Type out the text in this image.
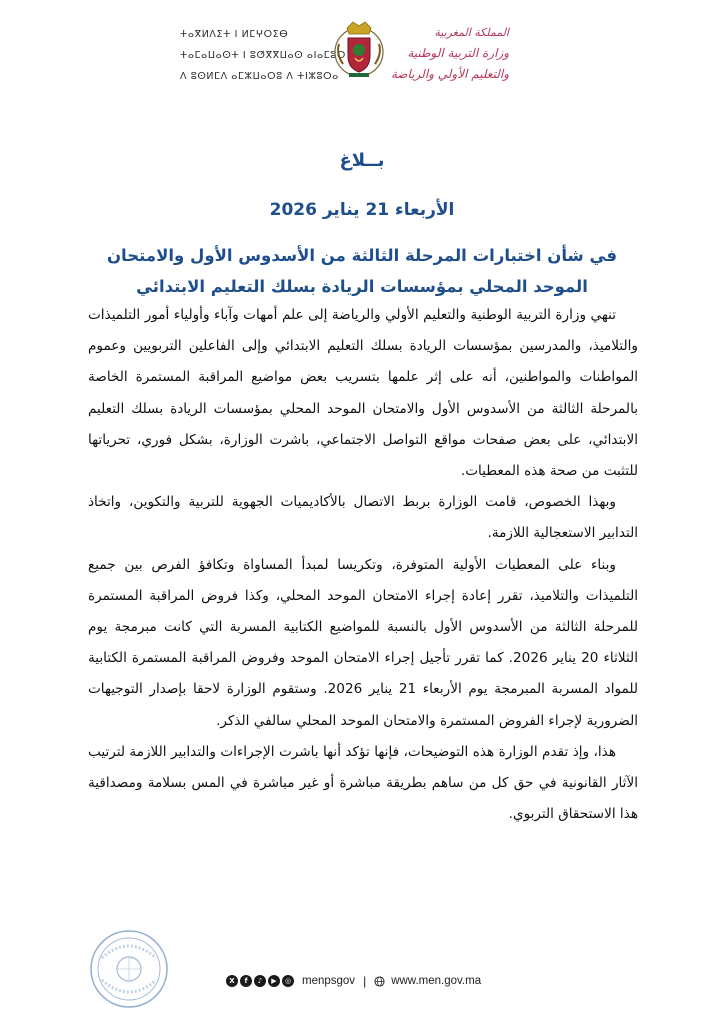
ⵜⴰⴳⵍⴷⵉⵜ ⵏ ⵍⵎⵖⵔⵉⴱ
ⵜⴰⵎⴰⵡⴰⵙⵜ ⵏ ⵓⵚⴳⴳⵡⴰⵙ ⴰⵏⴰⵎⵓⵔ
ⴷ ⵓⵙⵍⵎⴷ ⴰⵎⵣⵡⴰⵔⵓ ⴷ ⵜⵏⵣⵓⵔⴰ
المملكة المغربية
وزارة التربية الوطنية
والتعليم الأولي والرياضة
بــلاغ
الأربعاء 21 يناير 2026
في شأن اختبارات المرحلة الثالثة من الأسدوس الأول والامتحان الموحد المحلي بمؤسسات الريادة بسلك التعليم الابتدائي

تنهي وزارة التربية الوطنية والتعليم الأولي والرياضة إلى علم أمهات وآباء وأولياء أمور التلميذات والتلاميذ، والمدرسين بمؤسسات الريادة بسلك التعليم الابتدائي وإلى الفاعلين التربويين وعموم المواطنات والمواطنين، أنه على إثر علمها بتسريب بعض مواضيع المراقبة المستمرة الخاصة بالمرحلة الثالثة من الأسدوس الأول والامتحان الموحد المحلي بمؤسسات الريادة بسلك التعليم الابتدائي، على بعض صفحات مواقع التواصل الاجتماعي، باشرت الوزارة، بشكل فوري، تحرياتها للتثبت من صحة هذه المعطيات.

وبهذا الخصوص، قامت الوزارة بربط الاتصال بالأكاديميات الجهوية للتربية والتكوين، واتخاذ التدابير الاستعجالية اللازمة.

وبناء على المعطيات الأولية المتوفرة، وتكريسا لمبدأ المساواة وتكافؤ الفرص بين جميع التلميذات والتلاميذ، تقرر إعادة إجراء الامتحان الموحد المحلي، وكذا فروض المراقبة المستمرة للمرحلة الثالثة من الأسدوس الأول بالنسبة للمواضيع الكتابية المسربة التي كانت مبرمجة يوم الثلاثاء 20 يناير 2026. كما تقرر تأجيل إجراء الامتحان الموحد وفروض المراقبة المستمرة الكتابية للمواد المسربة المبرمجة يوم الأربعاء 21 يناير 2026. وستقوم الوزارة لاحقا بإصدار التوجيهات الضرورية لإجراء الفروض المستمرة والامتحان الموحد المحلي سالفي الذكر.

هذا، وإذ تقدم الوزارة هذه التوضيحات، فإنها تؤكد أنها باشرت الإجراءات والتدابير اللازمة لترتيب الآثار القانونية في حق كل من ساهم بطريقة مباشرة أو غير مباشرة في المس بسلامة ومصداقية هذا الاستحقاق التربوي.

X	f	♪	▶	◎ menpsgov | www.men.gov.ma
